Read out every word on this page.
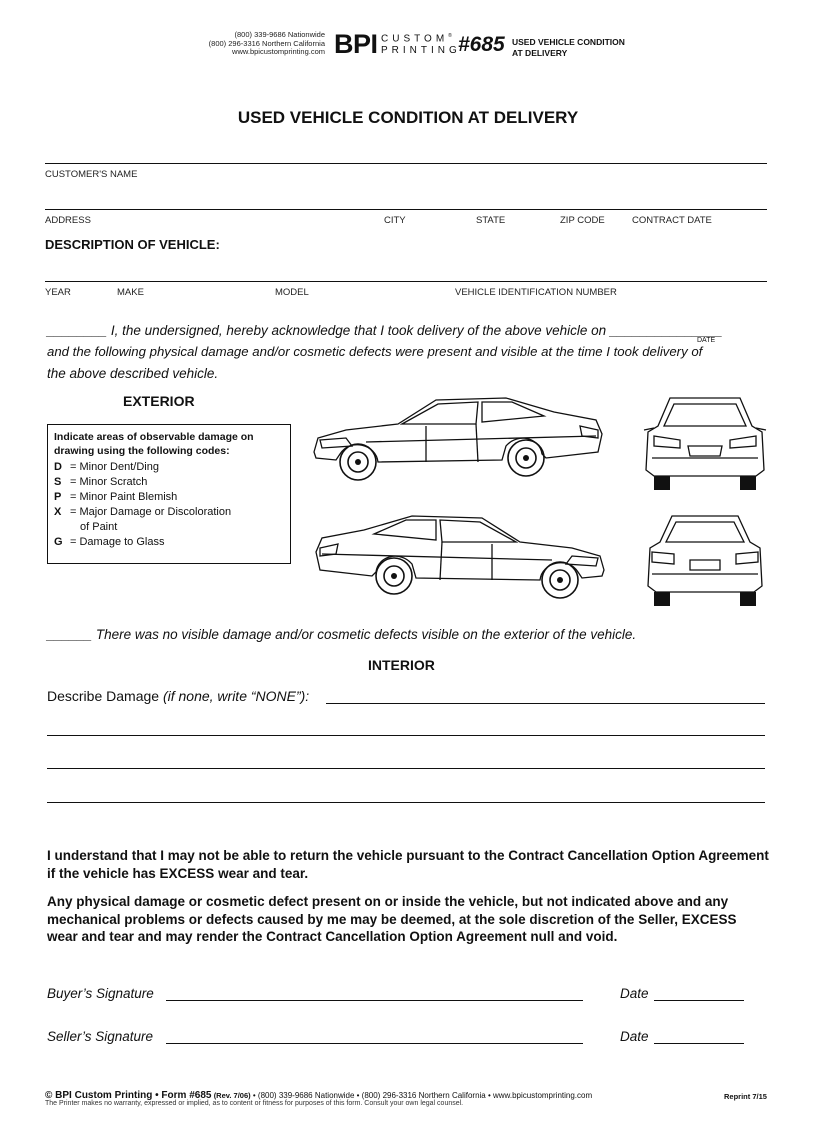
(800) 339-9686 Nationwide
(800) 296-3316 Northern California
www.bpicustomprinting.com BPI CUSTOM®
PRINTING
#685 USED VEHICLE CONDITION
AT DELIVERY
USED VEHICLE CONDITION AT DELIVERY
CUSTOMER'S NAME
ADDRESS	CITY	STATE	ZIP CODE	CONTRACT DATE
DESCRIPTION OF VEHICLE:
YEAR	MAKE	MODEL	VEHICLE IDENTIFICATION NUMBER
________ I, the undersigned, hereby acknowledge that I took delivery of the above vehicle on _______________
DATE
and the following physical damage and/or cosmetic defects were present and visible at the time I took delivery of
the above described vehicle.
EXTERIOR
Indicate areas of observable damage on drawing using the following codes:
D = Minor Dent/Ding
S = Minor Scratch
P = Minor Paint Blemish
X = Major Damage or Discoloration
of Paint
G = Damage to Glass
______ There was no visible damage and/or cosmetic defects visible on the exterior of the vehicle.
INTERIOR
Describe Damage (if none, write “NONE”):
I understand that I may not be able to return the vehicle pursuant to the Contract Cancellation Option Agreement if the vehicle has EXCESS wear and tear.
Any physical damage or cosmetic defect present on or inside the vehicle, but not indicated above and any mechanical problems or defects caused by me may be deemed, at the sole discretion of the Seller, EXCESS wear and tear and may render the Contract Cancellation Option Agreement null and void.
Buyer’s Signature	Date
Seller’s Signature	Date
© BPI Custom Printing • Form #685 (Rev. 7/06) • (800) 339-9686 Nationwide • (800) 296-3316 Northern California • www.bpicustomprinting.com
The Printer makes no warranty, expressed or implied, as to content or fitness for purposes of this form. Consult your own legal counsel.
Reprint 7/15
